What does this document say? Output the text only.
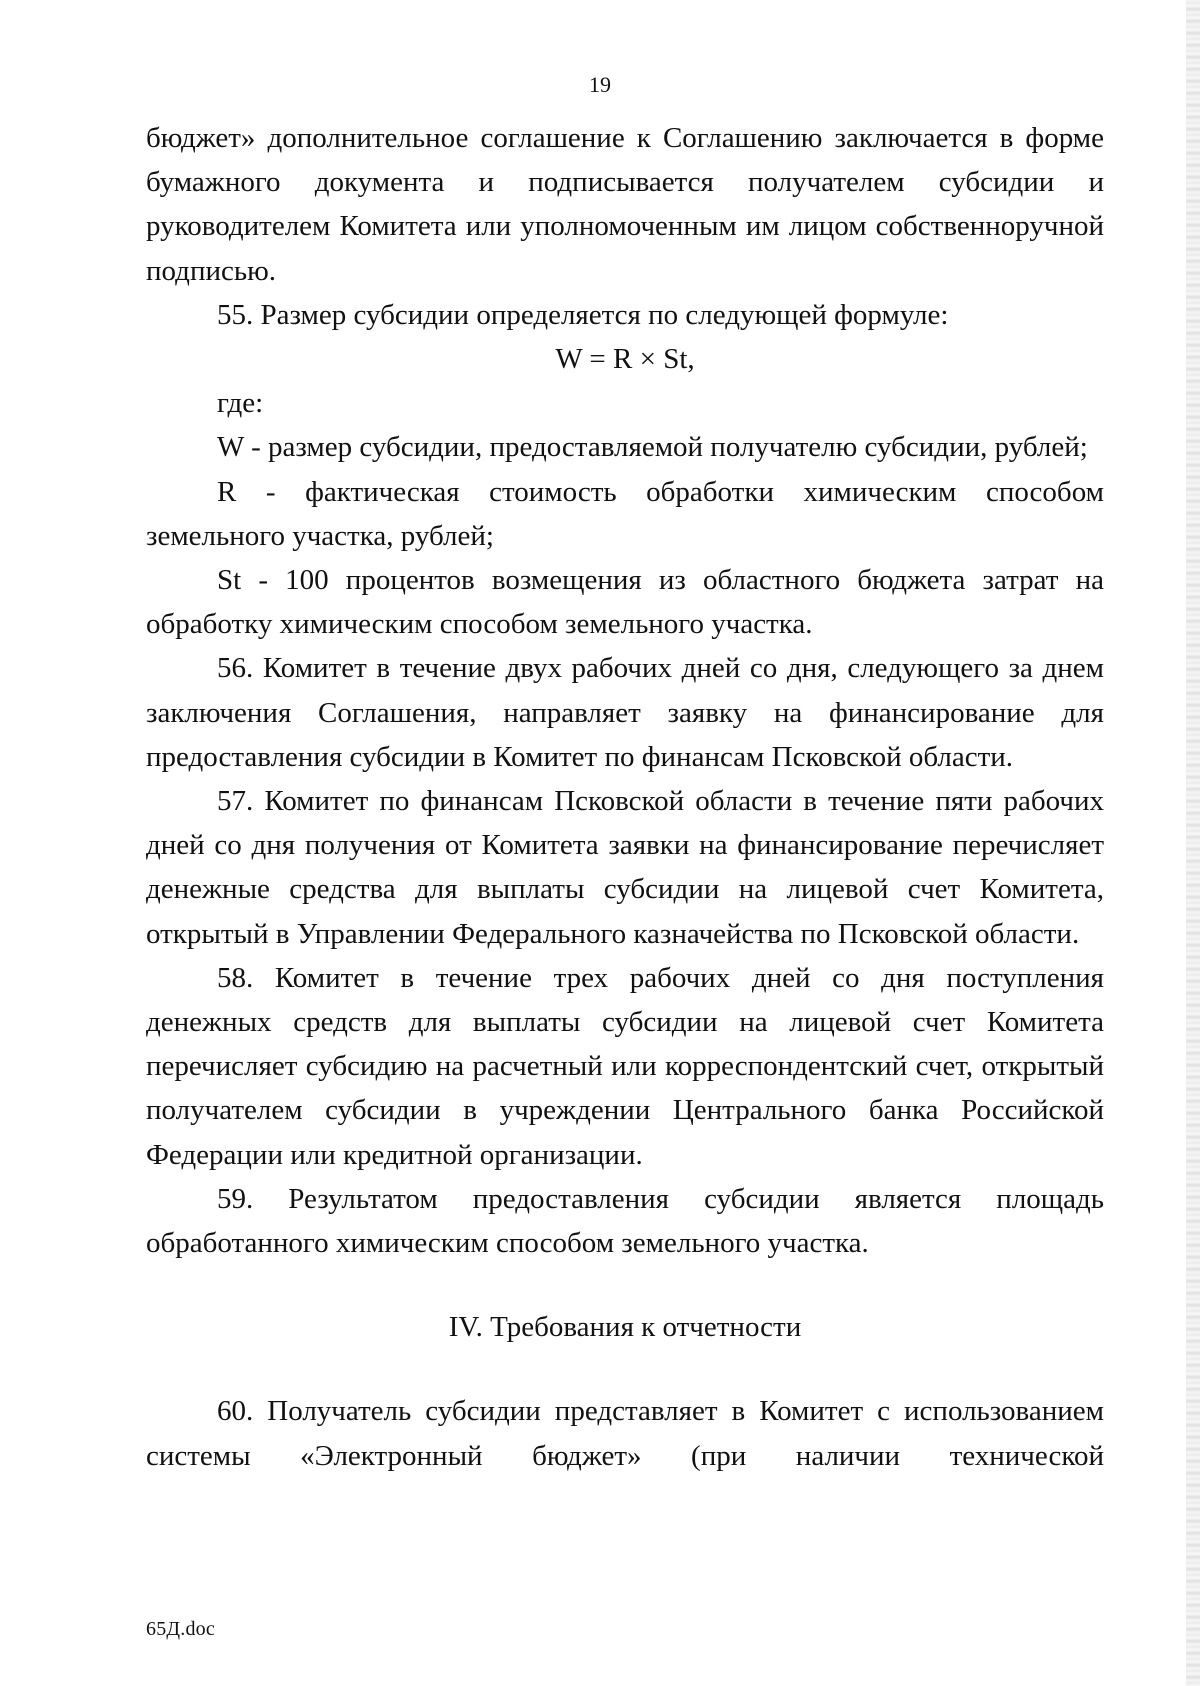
19

бюджет» дополнительное соглашение к Соглашению заключается в форме бумажного документа и подписывается получателем субсидии и руководителем Комитета или уполномоченным им лицом собственноручной подписью.

55. Размер субсидии определяется по следующей формуле:

W = R × St,

где:

W - размер субсидии, предоставляемой получателю субсидии, рублей;

R - фактическая стоимость обработки химическим способом земельного участка, рублей;

St - 100 процентов возмещения из областного бюджета затрат на обработку химическим способом земельного участка.

56. Комитет в течение двух рабочих дней со дня, следующего за днем заключения Соглашения, направляет заявку на финансирование для предоставления субсидии в Комитет по финансам Псковской области.

57. Комитет по финансам Псковской области в течение пяти рабочих дней со дня получения от Комитета заявки на финансирование перечисляет денежные средства для выплаты субсидии на лицевой счет Комитета, открытый в Управлении Федерального казначейства по Псковской области.

58. Комитет в течение трех рабочих дней со дня поступления денежных средств для выплаты субсидии на лицевой счет Комитета перечисляет субсидию на расчетный или корреспондентский счет, открытый получателем субсидии в учреждении Центрального банка Российской Федерации или кредитной организации.

59. Результатом предоставления субсидии является площадь обработанного химическим способом земельного участка.

IV. Требования к отчетности

60. Получатель субсидии представляет в Комитет с использованием системы «Электронный бюджет» (при наличии технической

65Д.doc
